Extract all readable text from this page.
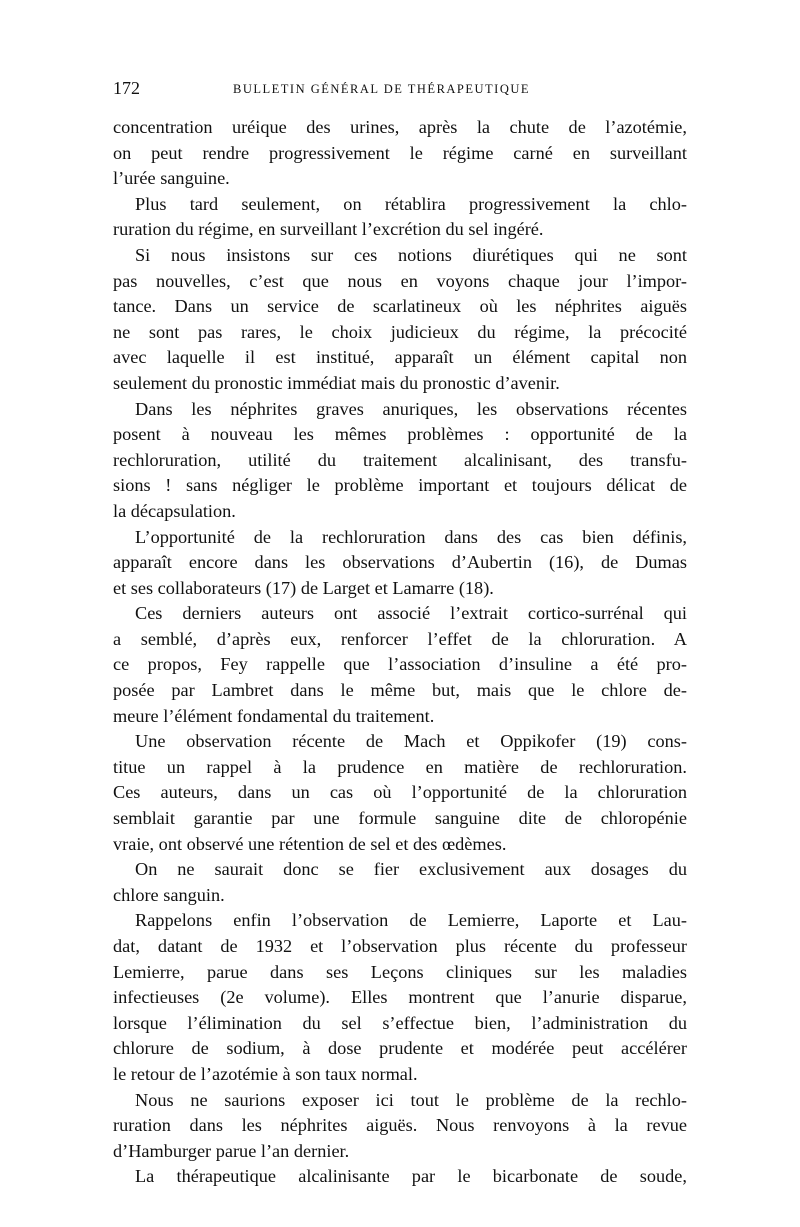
172	BULLETIN GÉNÉRAL DE THÉRAPEUTIQUE
concentration uréique des urines, après la chute de l’azotémie,
on peut rendre progressivement le régime carné en surveillant
l’urée sanguine.
Plus tard seulement, on rétablira progressivement la chlo-
ruration du régime, en surveillant l’excrétion du sel ingéré.
Si nous insistons sur ces notions diurétiques qui ne sont
pas nouvelles, c’est que nous en voyons chaque jour l’impor-
tance. Dans un service de scarlatineux où les néphrites aiguës
ne sont pas rares, le choix judicieux du régime, la précocité
avec laquelle il est institué, apparaît un élément capital non
seulement du pronostic immédiat mais du pronostic d’avenir.
Dans les néphrites graves anuriques, les observations récentes
posent à nouveau les mêmes problèmes : opportunité de la
rechloruration, utilité du traitement alcalinisant, des transfu-
sions ! sans négliger le problème important et toujours délicat de
la décapsulation.
L’opportunité de la rechloruration dans des cas bien définis,
apparaît encore dans les observations d’Aubertin (16), de Dumas
et ses collaborateurs (17) de Larget et Lamarre (18).
Ces derniers auteurs ont associé l’extrait cortico-surrénal qui
a semblé, d’après eux, renforcer l’effet de la chloruration. A
ce propos, Fey rappelle que l’association d’insuline a été pro-
posée par Lambret dans le même but, mais que le chlore de-
meure l’élément fondamental du traitement.
Une observation récente de Mach et Oppikofer (19) cons-
titue un rappel à la prudence en matière de rechloruration.
Ces auteurs, dans un cas où l’opportunité de la chloruration
semblait garantie par une formule sanguine dite de chloropénie
vraie, ont observé une rétention de sel et des œdèmes.
On ne saurait donc se fier exclusivement aux dosages du
chlore sanguin.
Rappelons enfin l’observation de Lemierre, Laporte et Lau-
dat, datant de 1932 et l’observation plus récente du professeur
Lemierre, parue dans ses Leçons cliniques sur les maladies
infectieuses (2e volume). Elles montrent que l’anurie disparue,
lorsque l’élimination du sel s’effectue bien, l’administration du
chlorure de sodium, à dose prudente et modérée peut accélérer
le retour de l’azotémie à son taux normal.
Nous ne saurions exposer ici tout le problème de la rechlo-
ruration dans les néphrites aiguës. Nous renvoyons à la revue
d’Hamburger parue l’an dernier.
La thérapeutique alcalinisante par le bicarbonate de soude,
